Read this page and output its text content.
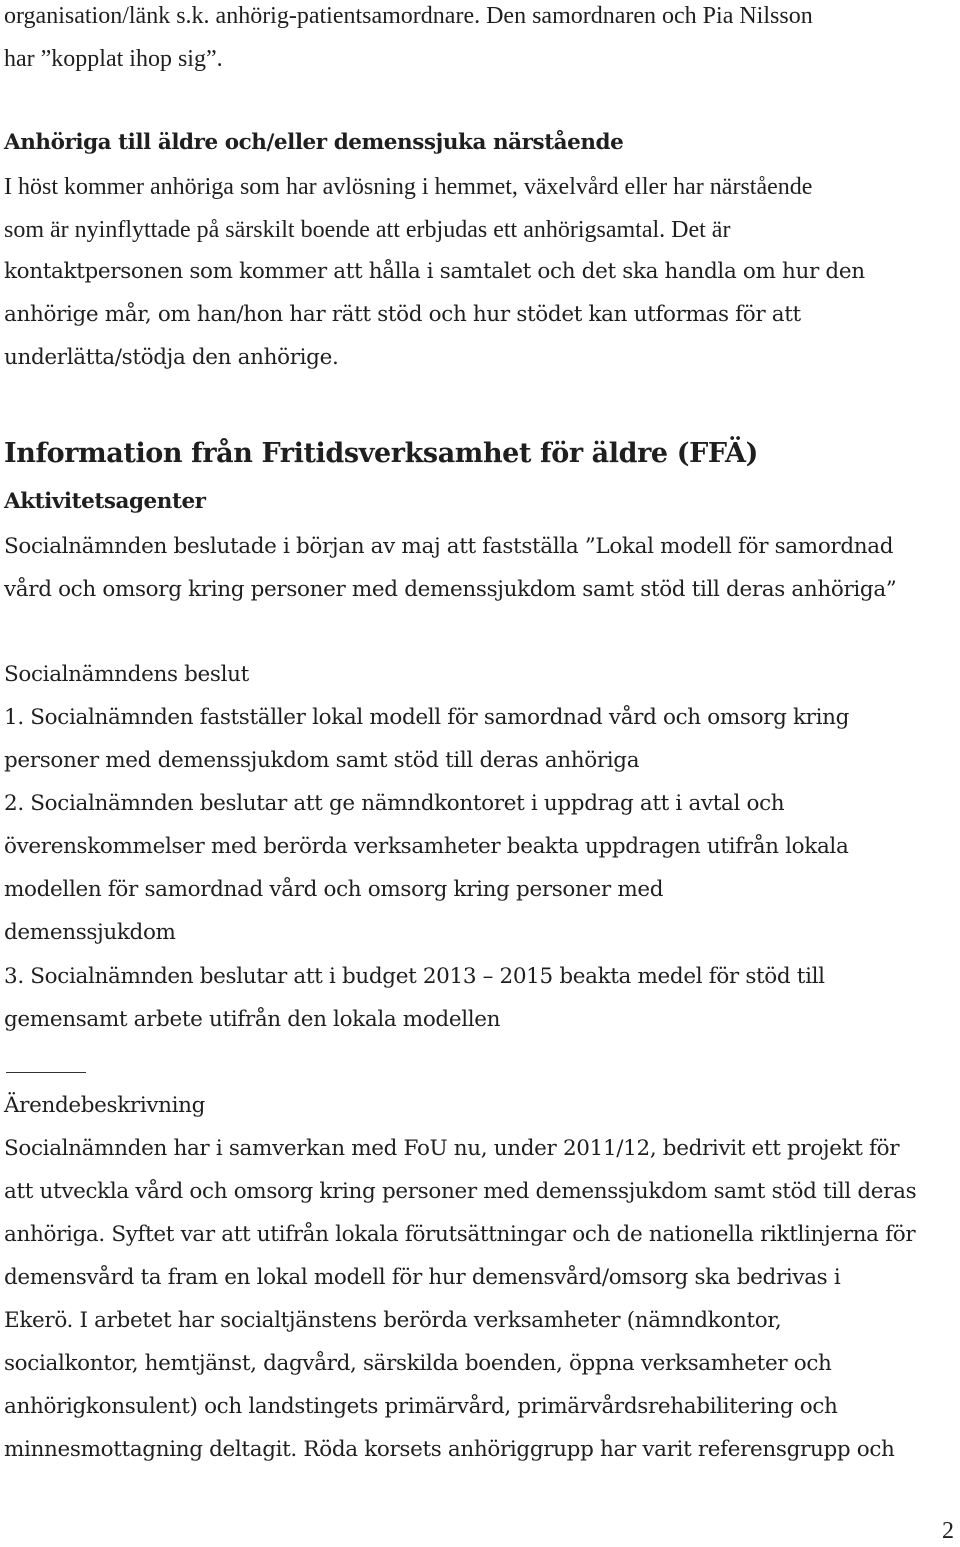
organisation/länk s.k. anhörig-patientsamordnare. Den samordnaren och Pia Nilsson
har ”kopplat ihop sig”.
Anhöriga till äldre och/eller demenssjuka närstående
I höst kommer anhöriga som har avlösning i hemmet, växelvård eller har närstående
som är nyinflyttade på särskilt boende att erbjudas ett anhörigsamtal. Det är
kontaktpersonen som kommer att hålla i samtalet och det ska handla om hur den
anhörige mår, om han/hon har rätt stöd och hur stödet kan utformas för att
underlätta/stödja den anhörige.
Information från Fritidsverksamhet för äldre (FFÄ)
Aktivitetsagenter
Socialnämnden beslutade i början av maj att fastställa ”Lokal modell för samordnad
vård och omsorg kring personer med demenssjukdom samt stöd till deras anhöriga”
Socialnämndens beslut
1. Socialnämnden fastställer lokal modell för samordnad vård och omsorg kring
personer med demenssjukdom samt stöd till deras anhöriga
2. Socialnämnden beslutar att ge nämndkontoret i uppdrag att i avtal och
överenskommelser med berörda verksamheter beakta uppdragen utifrån lokala
modellen för samordnad vård och omsorg kring personer med
demenssjukdom
3. Socialnämnden beslutar att i budget 2013 – 2015 beakta medel för stöd till
gemensamt arbete utifrån den lokala modellen
Ärendebeskrivning
Socialnämnden har i samverkan med FoU nu, under 2011/12, bedrivit ett projekt för
att utveckla vård och omsorg kring personer med demenssjukdom samt stöd till deras
anhöriga. Syftet var att utifrån lokala förutsättningar och de nationella riktlinjerna för
demensvård ta fram en lokal modell för hur demensvård/omsorg ska bedrivas i
Ekerö. I arbetet har socialtjänstens berörda verksamheter (nämndkontor,
socialkontor, hemtjänst, dagvård, särskilda boenden, öppna verksamheter och
anhörigkonsulent) och landstingets primärvård, primärvårdsrehabilitering och
minnesmottagning deltagit. Röda korsets anhöriggrupp har varit referensgrupp och
2
